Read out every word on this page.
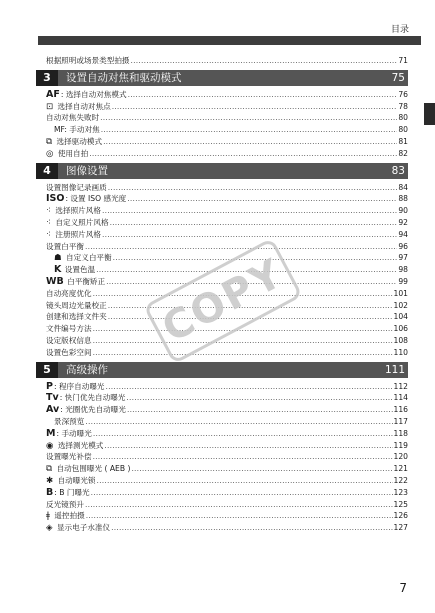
目录
根据照明或场景类型拍摄 .....	71
3	设置自动对焦和驱动模式	75
AF: 选择自动对焦模式 .....	76
⊡ 选择自动对焦点 .....	78
自动对焦失败时 .....	80
MF: 手动对焦 .....	80
⧉ 选择驱动模式 .....	81
◎ 使用自拍 .....	82
4	图像设置	83
设置图像记录画质 .....	84
ISO: 设置 ISO 感光度 .....	88
⁖ 选择照片风格 .....	90
⁖ 自定义照片风格 .....	92
⁖ 注册照片风格 .....	94
设置白平衡 .....	96
☗ 自定义白平衡 .....	97
K 设置色温 .....	98
WB 白平衡矫正 .....	99
自动亮度优化 .....	101
镜头周边光量校正 .....	102
创建和选择文件夹 .....	104
文件编号方法 .....	106
设定版权信息 .....	108
设置色彩空间 .....	110
5	高级操作	111
P: 程序自动曝光 .....	112
Tv: 快门优先自动曝光 .....	114
Av: 光圈优先自动曝光 .....	116
景深预览 .....	117
M: 手动曝光 .....	118
◉ 选择测光模式 .....	119
设置曝光补偿 .....	120
⧉ 自动包围曝光 ( AEB ) .....	121
✱ 自动曝光锁 .....	122
B: B 门曝光 .....	123
反光镜预升 .....	125
ǂ 遥控拍摄 .....	126
◈ 显示电子水准仪 .....	127
COPY
7
